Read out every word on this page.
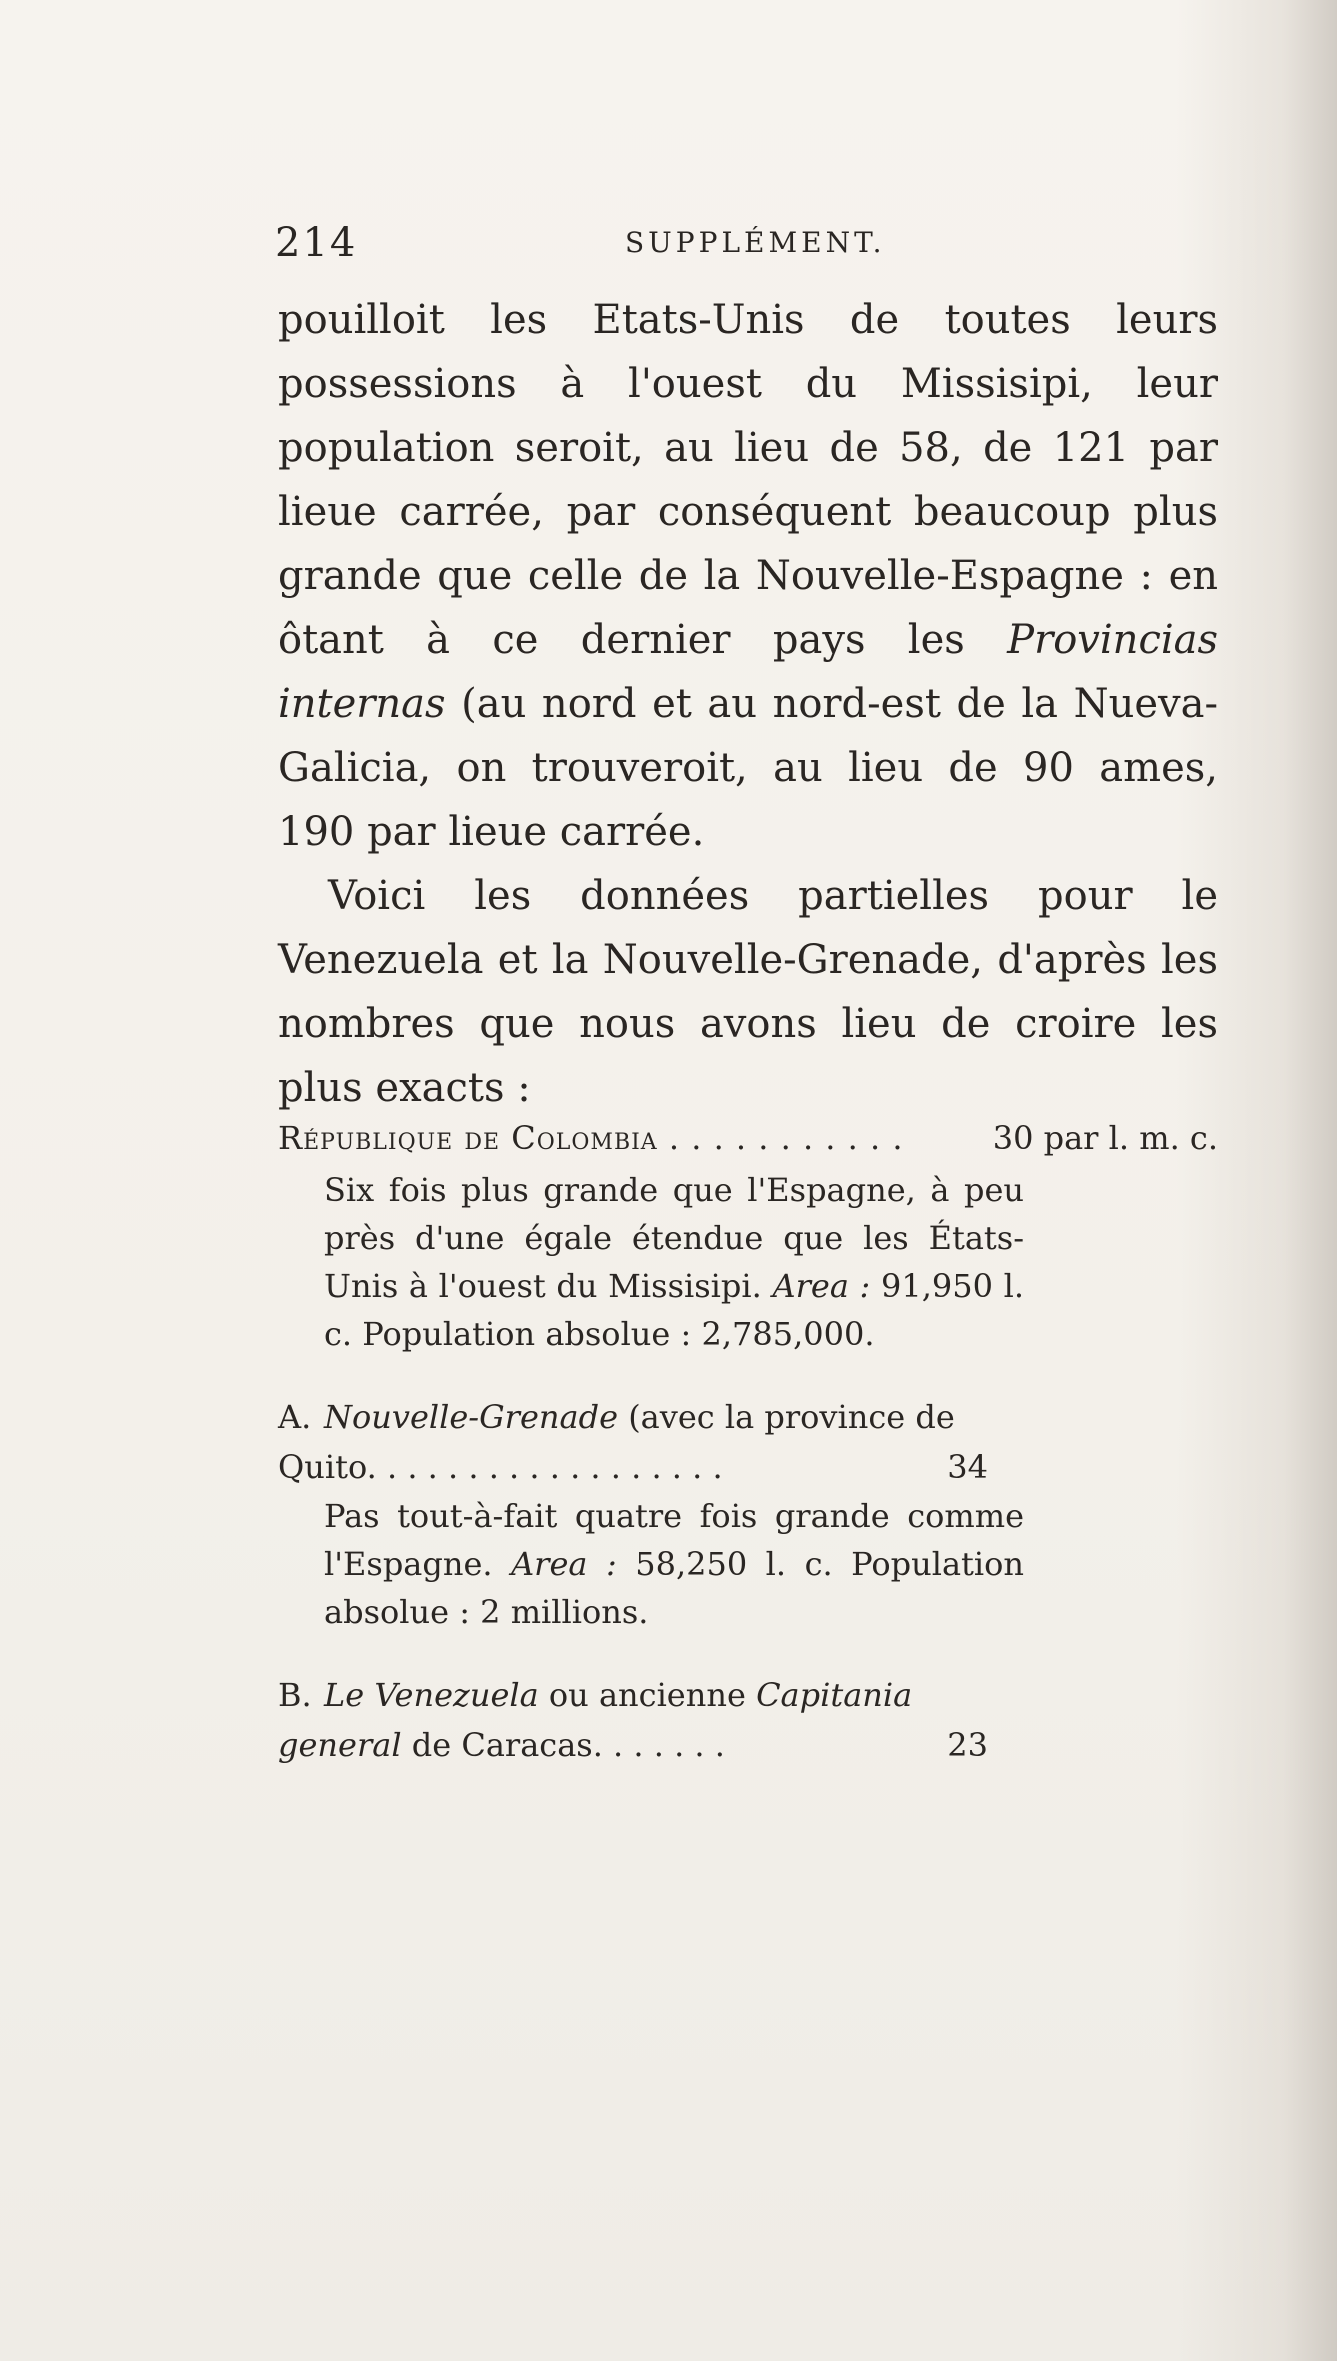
214	SUPPLÉMENT.

pouilloit les Etats-Unis de toutes leurs possessions à l'ouest du Missisipi, leur population seroit, au lieu de 58, de 121 par lieue carrée, par conséquent beaucoup plus grande que celle de la Nouvelle-Espagne : en ôtant à ce dernier pays les Provincias internas (au nord et au nord-est de la Nueva-Galicia, on trouveroit, au lieu de 90 ames, 190 par lieue carrée.

Voici les données partielles pour le Venezuela et la Nouvelle-Grenade, d'après les nombres que nous avons lieu de croire les plus exacts :

République de Colombia . . . . . . . . . . .	30 par l. m. c.

Six fois plus grande que l'Espagne, à peu près d'une égale étendue que les États-Unis à l'ouest du Missisipi. Area : 91,950 l. c. Population absolue : 2,785,000.

A. Nouvelle-Grenade (avec la province de Quito. . . . . . . . . . . . . . . . . .	34

Pas tout-à-fait quatre fois grande comme l'Espagne. Area : 58,250 l. c. Population absolue : 2 millions.

B. Le Venezuela ou ancienne Capitania general de Caracas. . . . . . .	23
